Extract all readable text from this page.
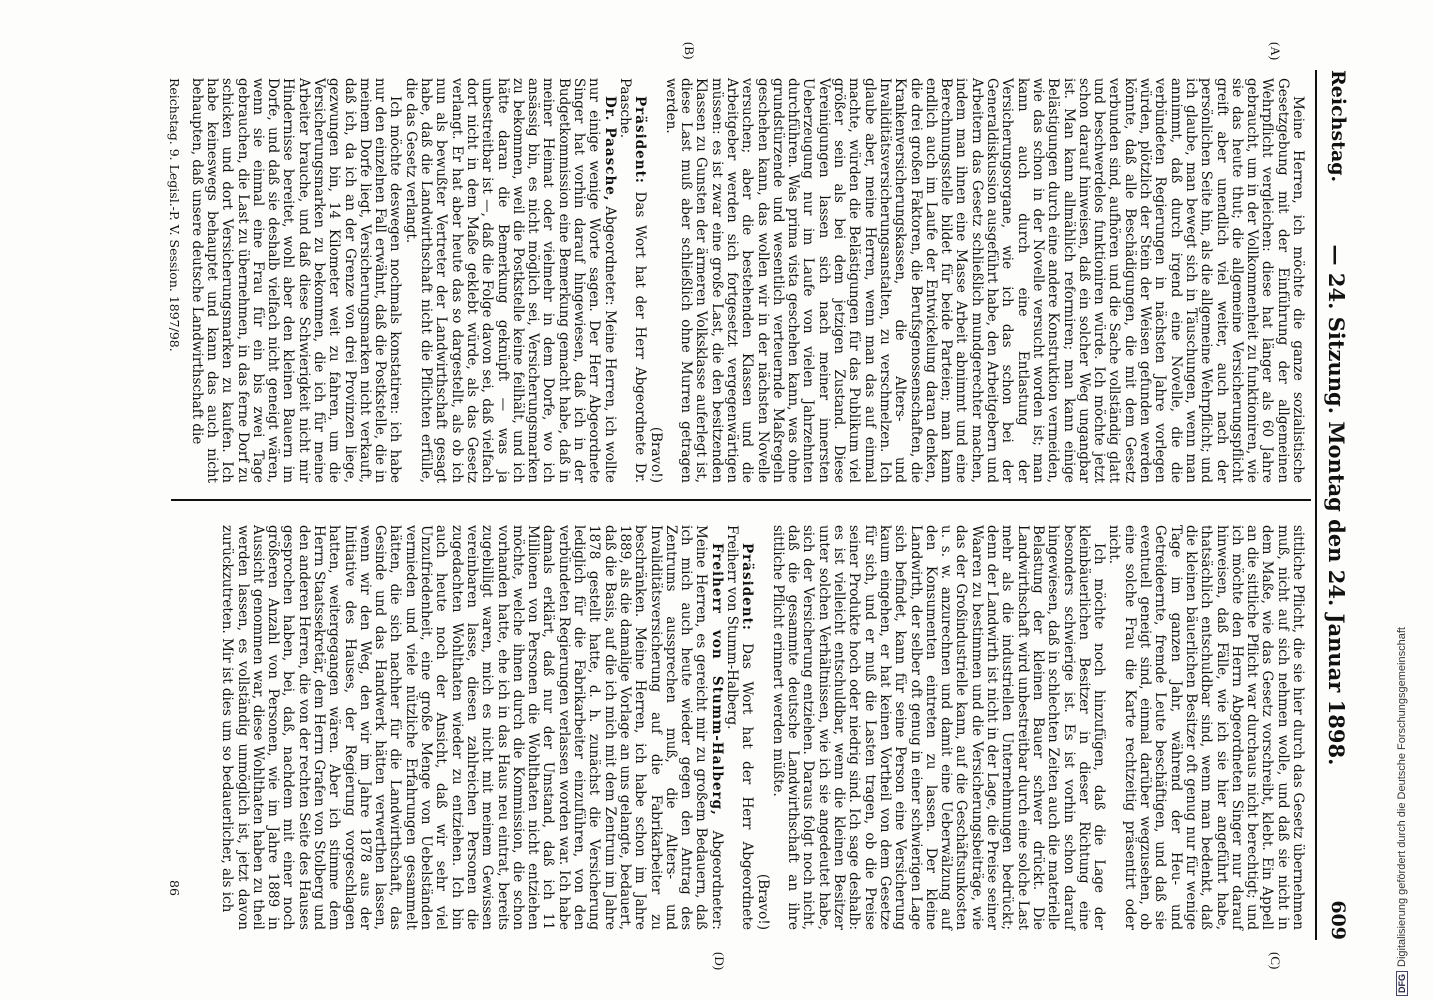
Reichstag.
— 24. Sitzung. Montag den 24. Januar 1898.
609
(A)
(B)
(C)
(D)

Meine Herren, ich möchte die ganze sozialistische Gesetzgebung mit der Einführung der allgemeinen Wehrpflicht vergleichen: diese hat länger als 60 Jahre gebraucht, um in der Vollkommenheit zu funktioniren, wie sie das heute thut; die allgemeine Versicherungspflicht greift aber unendlich viel weiter, auch nach der persönlichen Seite hin, als die allgemeine Wehrpflicht; und ich glaube, man bewegt sich in Täuschungen, wenn man annimmt, daß durch irgend eine Novelle, die die verbündeten Regierungen in nächsten Jahre vorlegen würden, plötzlich der Stein der Weisen gefunden werden könnte, daß alle Beschädigungen, die mit dem Gesetz verbunden sind, aufhören und die Sache vollständig glatt und beschwerdelos funktioniren würde. Ich möchte jetzt schon darauf hinweisen, daß ein solcher Weg ungangbar ist. Man kann allmählich reformiren; man kann einige Belästigungen durch eine andere Konstruktion vermeiden, wie das schon in der Novelle versucht worden ist; man kann auch durch eine Entlastung der Versicherungsorgane, wie ich das schon bei der Generaldiskussion ausgeführt habe, den Arbeitgebern und Arbeitern das Gesetz schließlich mundgerechter machen, indem man ihnen eine Masse Arbeit abnimmt und eine Berechnungsstelle bildet für beide Parteien; man kann endlich auch im Laufe der Entwickelung daran denken, die drei großen Faktoren, die Berufsgenossenschaften, die Krankenversicherungskassen, die Alters- und Invaliditätsversicherungsanstalten, zu verschmelzen. Ich glaube aber, meine Herren, wenn man das auf einmal machte, würden die Belästigungen für das Publikum viel größer sein als bei dem jetzigen Zustand. Diese Vereinigungen lassen sich nach meiner innersten Ueberzeugung nur im Laufe von vielen Jahrzehnten durchführen. Was prima vista geschehen kann, was ohne grundstürzende und wesentlich verteuernde Maßregeln geschehen kann, das wollen wir in der nächsten Novelle versuchen; aber die bestehenden Klassen und die Arbeitgeber werden sich fortgesetzt vergegenwärtigen müssen: es ist zwar eine große Last, die den besitzenden Klassen zu Gunsten der ärmeren Volksklasse auferlegt ist, diese Last muß aber schließlich ohne Murren getragen werden.

(Bravo!)

Präsident: Das Wort hat der Herr Abgeordnete Dr. Paasche.

Dr. Paasche, Abgeordneter: Meine Herren, ich wollte nur einige wenige Worte sagen. Der Herr Abgeordnete Singer hat vorhin darauf hingewiesen, daß ich in der Budgetkommission eine Bemerkung gemacht habe, daß in meiner Heimat oder vielmehr in dem Dorfe, wo ich ansässig bin, es nicht möglich sei, Versicherungsmarken zu bekommen, weil die Postkstelle keine feilhält, und ich hätte daran die Bemerkung geknüpft — was ja unbestreitbar ist —, daß die Folge davon sei, daß vielfach dort nicht in dem Maße geklebt würde, als das Gesetz verlangt. Er hat aber heute das so dargestellt, als ob ich nun als bewußter Vertreter der Landwirthschaft gesagt habe, daß die Landwirthschaft nicht die Pflichten erfülle, die das Gesetz verlangt.

Ich möchte deswegen nochmals konstatiren: ich habe nur den einzelnen Fall erwähnt, daß die Postkstelle, die in meinem Dorfe liegt, Versicherungsmarken nicht verkauft, daß ich, da ich an der Grenze von drei Provinzen liege, gezwungen bin, 14 Kilometer weit zu fahren, um die Versicherungsmarken zu bekommen, die ich für meine Arbeiter brauche, und daß diese Schwierigkeit nicht mir Hindernisse bereitet, wohl aber den kleinen Bauern im Dorfe, und daß sie deshalb vielfach nicht geneigt wären, wenn sie einmal eine Frau für ein bis zwei Tage gebrauchen, die Last zu übernehmen, in das ferne Dorf zu schicken und dort Versicherungsmarken zu kaufen. Ich habe keineswegs behauptet und kann das auch nicht behaupten, daß unsere deutsche Landwirthschaft die

sittliche Pflicht, die sie hier durch das Gesetz übernehmen muß, nicht auf sich nehmen wolle, und daß sie nicht in dem Maße, wie das Gesetz vorschreibt, klebt. Ein Appell an die sittliche Pflicht war durchaus nicht berechtigt; und ich möchte den Herrn Abgeordneten Singer nur darauf hinweisen, daß Fälle, wie ich sie hier angeführt habe, thatsächlich entschuldbar sind, wenn man bedenkt, daß die kleinen bäuerlichen Besitzer oft genug nur für wenige Tage im ganzen Jahr, während der Heu- und Getreideernte, fremde Leute beschäftigen, und daß sie eventuell geneigt sind, einmal darüber wegzusehen, ob eine solche Frau die Karte rechtzeitig präsentirt oder nicht.

Ich möchte noch hinzufügen, daß die Lage der kleinbäuerlichen Besitzer in dieser Richtung eine besonders schwierige ist. Es ist vorhin schon darauf hingewiesen, daß in schlechten Zeiten auch die materielle Belastung der kleinen Bauer schwer drückt. Die Landwirthschaft wird unbestreitbar durch eine solche Last mehr als die industriellen Unternehmungen bedrückt; denn der Landwirth ist nicht in der Lage, die Preise seiner Waaren zu bestimmen und die Versicherungsbeiträge, wie das der Großindustrielle kann, auf die Geschäftsunkosten u. s. w. anzurechnen und damit eine Ueberwälzung auf den Konsumenten eintreten zu lassen. Der kleine Landwirth, der selber oft genug in einer schwierigen Lage sich befindet, kann für seine Person eine Versicherung kaum eingehen, er hat keinen Vortheil von dem Gesetze für sich, und er muß die Lasten tragen, ob die Preise seiner Produkte hoch oder niedrig sind. Ich sage deshalb: es ist vielleicht entschuldbar, wenn die kleinen Besitzer unter solchen Verhältnissen, wie ich sie angedeutet habe, sich der Versicherung entziehen. Daraus folgt noch nicht, daß die gesammte deutsche Landwirthschaft an ihre sittliche Pflicht erinnert werden müßte.

(Bravo!)

Präsident: Das Wort hat der Herr Abgeordnete Freiherr von Stumm-Halberg.

Freiherr von Stumm-Halberg, Abgeordneter: Meine Herren, es gereicht mir zu großem Bedauern, daß ich mich auch heute wieder gegen den Antrag des Zentrums aussprechen muß, die Alters- und Invaliditätsversicherung auf die Fabrikarbeiter zu beschränken. Meine Herren, ich habe schon im Jahre 1889, als die damalige Vorlage an uns gelangte, bedauert, daß die Basis, auf die ich mich mit dem Zentrum im Jahre 1878 gestellt hatte, d. h. zunächst die Versicherung lediglich für die Fabrikarbeiter einzuführen, von den verbündeten Regierungen verlassen worden war. Ich habe damals erklärt, daß nur der Umstand, daß ich 11 Millionen von Personen die Wohlthaten nicht entziehen möchte, welche ihnen durch die Kommission, die schon vorhanden hatte, ehe ich in das Haus neu eintrat, bereits zugebilligt waren, mich es nicht mit meinem Gewissen vereinbaren lasse, diesen zahlreichen Personen die zugedachten Wohlthaten wieder zu entziehen. Ich bin auch heute noch der Ansicht, daß wir sehr viel Unzufriedenheit, eine große Menge von Uebelständen vermieden und viele nützliche Erfahrungen gesammelt hätten, die sich nachher für die Landwirthschaft, das Gesinde und das Handwerk hätten verwerthen lassen, wenn wir den Weg, den wir im Jahre 1878 aus der Initiative des Hauses, der Regierung vorgeschlagen hatten, weitergegangen wären. Aber ich stimme dem Herrn Staatssekretär, dem Herrn Grafen von Stolberg und den anderen Herren, die von der rechten Seite des Hauses gesprochen haben, bei, daß, nachdem mit einer noch größeren Anzahl von Personen, wie im Jahre 1889 in Aussicht genommen war, diese Wohlthaten haben zu theil werden lassen, es vollständig unmöglich ist, jetzt davon zurückzutreten. Mir ist dies um so bedauerlicher, als ich

Reichstag. 9. Legisl.-P. V. Session. 1897/98.
86
DFGDigitalisierung gefördert durch die Deutsche Forschungsgemeinschaft
